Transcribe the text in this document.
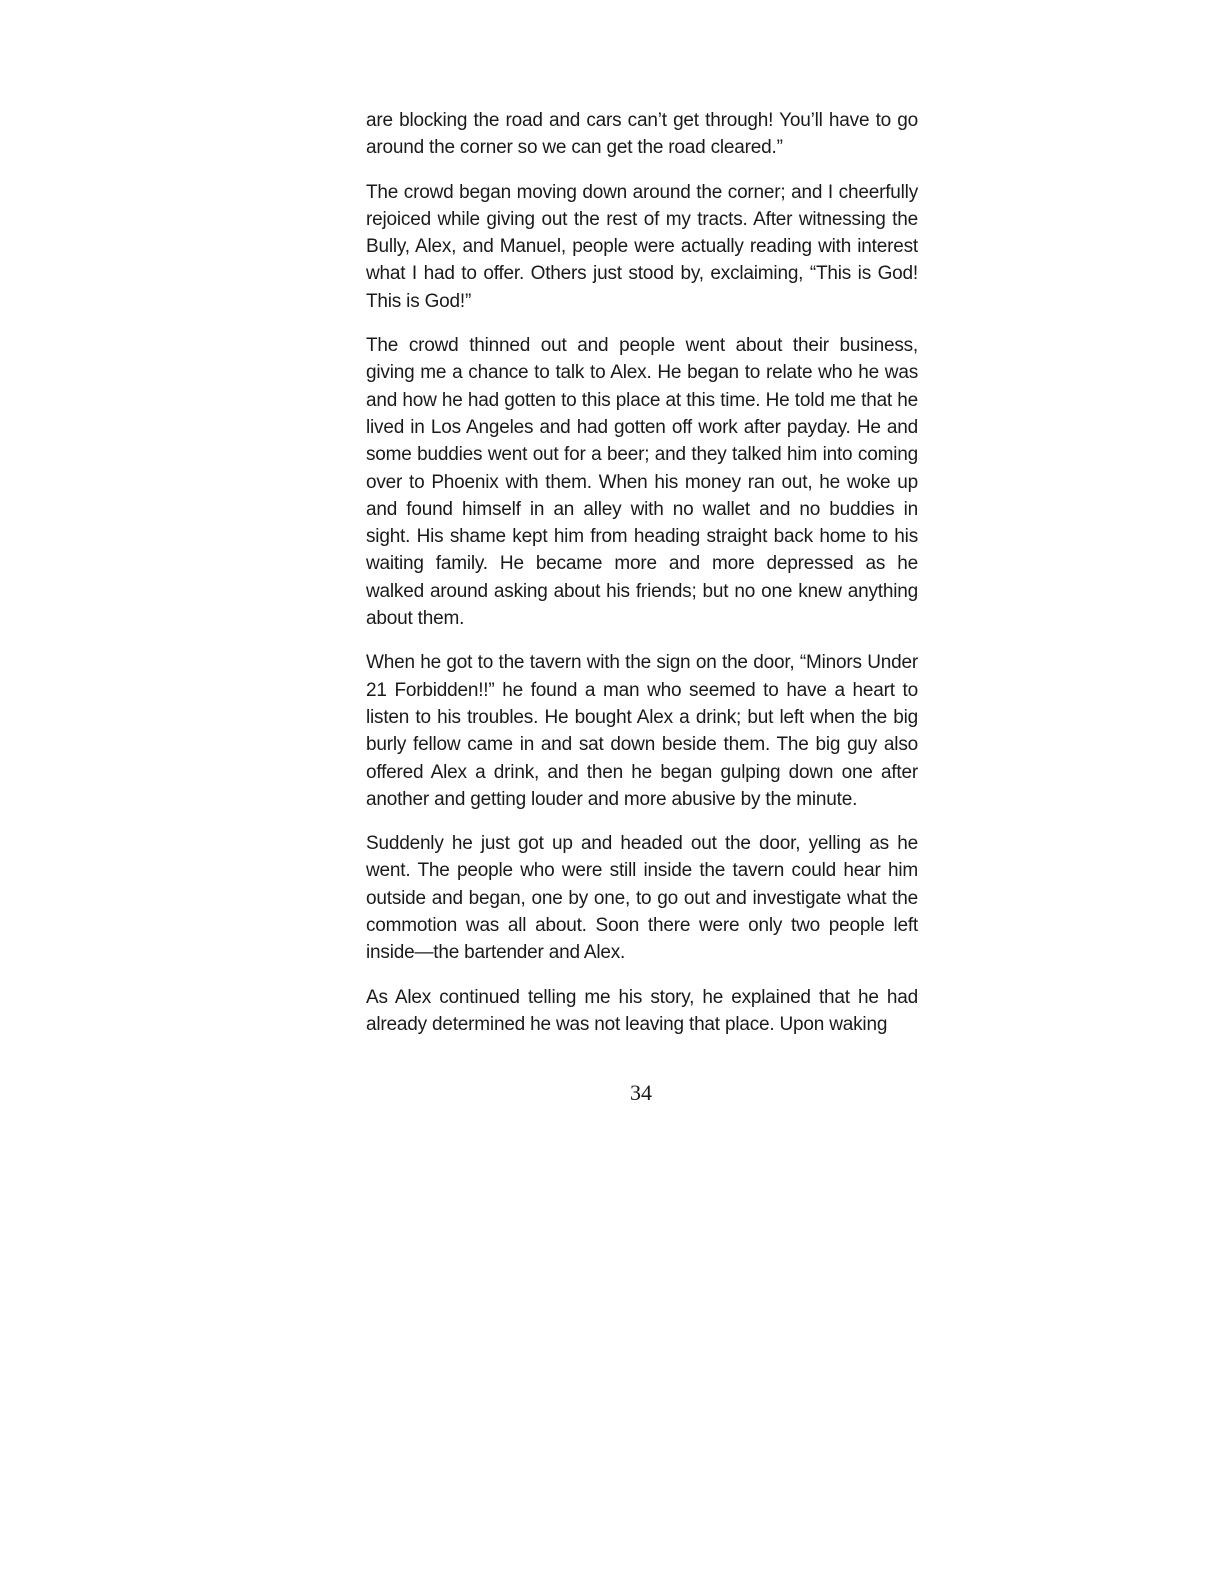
are blocking the road and cars can’t get through! You’ll have to go around the corner so we can get the road cleared.”

The crowd began moving down around the corner; and I cheerfully rejoiced while giving out the rest of my tracts. After witnessing the Bully, Alex, and Manuel, people were actually reading with interest what I had to offer. Others just stood by, exclaiming, “This is God! This is God!”

The crowd thinned out and people went about their business, giving me a chance to talk to Alex. He began to relate who he was and how he had gotten to this place at this time. He told me that he lived in Los Angeles and had gotten off work after payday. He and some buddies went out for a beer; and they talked him into coming over to Phoenix with them. When his money ran out, he woke up and found himself in an alley with no wallet and no buddies in sight. His shame kept him from heading straight back home to his waiting family. He became more and more depressed as he walked around asking about his friends; but no one knew anything about them.

When he got to the tavern with the sign on the door, “Minors Under 21 Forbidden!!” he found a man who seemed to have a heart to listen to his troubles. He bought Alex a drink; but left when the big burly fellow came in and sat down beside them. The big guy also offered Alex a drink, and then he began gulping down one after another and getting louder and more abusive by the minute.

Suddenly he just got up and headed out the door, yelling as he went. The people who were still inside the tavern could hear him outside and began, one by one, to go out and investigate what the commotion was all about. Soon there were only two people left inside—the bartender and Alex.

As Alex continued telling me his story, he explained that he had already determined he was not leaving that place. Upon waking

34
